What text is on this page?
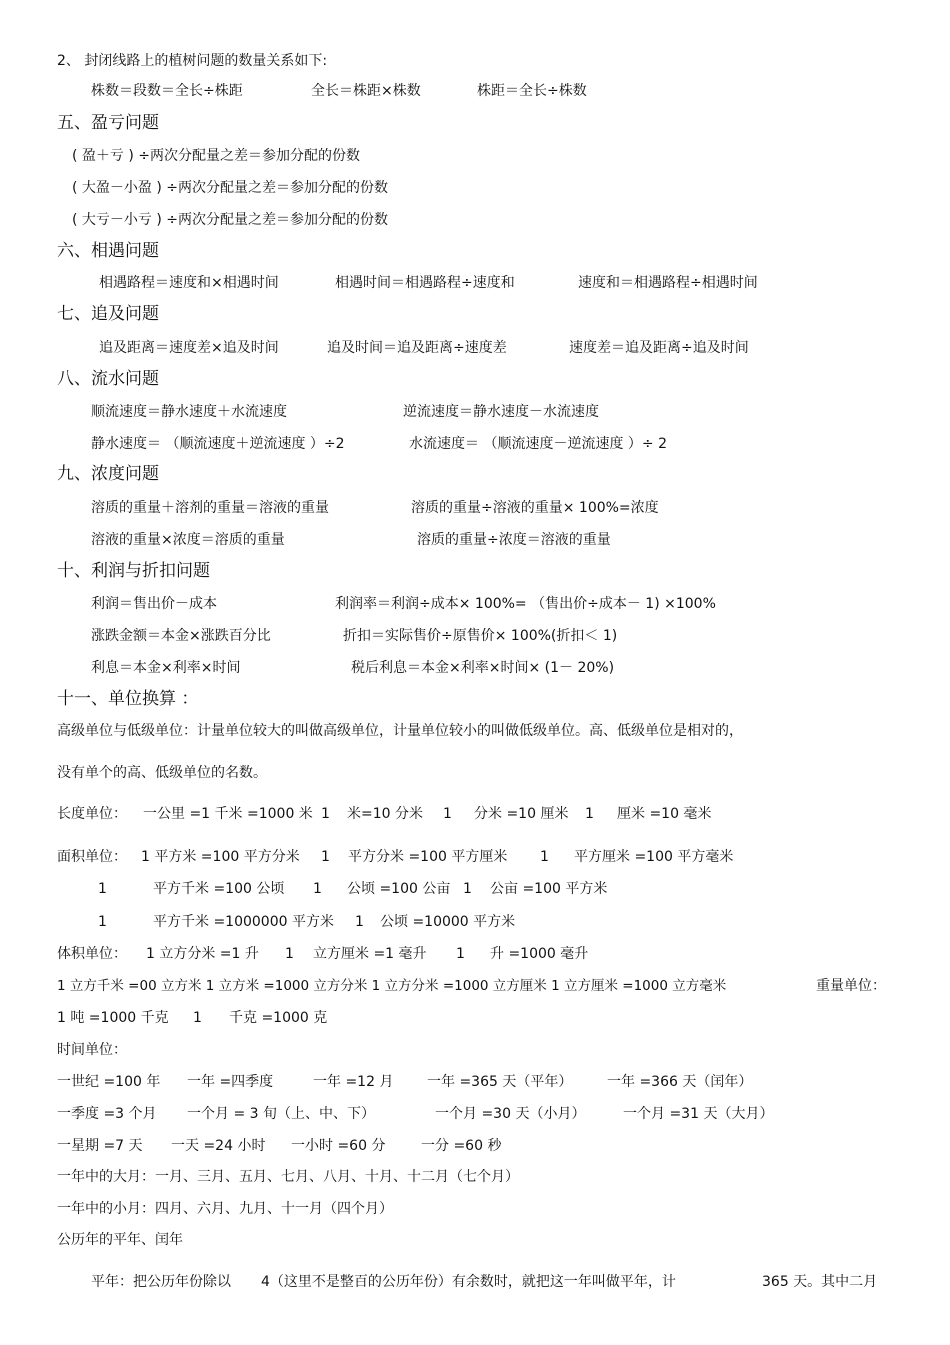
2、 封闭线路上的植树问题的数量关系如下:
株数＝段数＝全长÷株距	全长＝株距×株数	株距＝全长÷株数
五、盈亏问题
( 盈＋亏 ) ÷两次分配量之差＝参加分配的份数
( 大盈－小盈 ) ÷两次分配量之差＝参加分配的份数
( 大亏－小亏 ) ÷两次分配量之差＝参加分配的份数
六、相遇问题
相遇路程＝速度和×相遇时间	相遇时间＝相遇路程÷速度和	速度和＝相遇路程÷相遇时间
七、追及问题
追及距离＝速度差×追及时间	追及时间＝追及距离÷速度差	速度差＝追及距离÷追及时间
八、流水问题
顺流速度＝静水速度＋水流速度	逆流速度＝静水速度－水流速度
静水速度＝ （顺流速度＋逆流速度 ）÷2	水流速度＝ （顺流速度－逆流速度 ）÷ 2
九、浓度问题
溶质的重量＋溶剂的重量＝溶液的重量	溶质的重量÷溶液的重量× 100%=浓度
溶液的重量×浓度＝溶质的重量	溶质的重量÷浓度＝溶液的重量
十、利润与折扣问题
利润＝售出价－成本	利润率＝利润÷成本× 100%= （售出价÷成本－ 1) ×100%
涨跌金额＝本金×涨跌百分比	折扣＝实际售价÷原售价× 100%(折扣＜ 1)
利息＝本金×利率×时间	税后利息＝本金×利率×时间× (1－ 20%)
十一、单位换算 ：
高级单位与低级单位：计量单位较大的叫做高级单位，计量单位较小的叫做低级单位。高、低级单位是相对的，
没有单个的高、低级单位的名数。
长度单位： 一公里 =1 千米 =1000 米 1 米=10 分米 1 分米 =10 厘米 1 厘米 =10 毫米
面积单位： 1 平方米 =100 平方分米 1 平方分米 =100 平方厘米 1 平方厘米 =100 平方毫米
1	平方千米 =100 公顷 1 公顷 =100 公亩 1 公亩 =100 平方米
1	平方千米 =1000000 平方米 1 公顷 =10000 平方米
体积单位： 1 立方分米 =1 升 1 立方厘米 =1 毫升 1 升 =1000 毫升
1 立方千米 =00 立方米 1 立方米 =1000 立方分米 1 立方分米 =1000 立方厘米 1 立方厘米 =1000 立方毫米	重量单位：
1 吨 =1000 千克 1 千克 =1000 克
时间单位：
一世纪 =100 年 一年 =四季度	一年 =12 月 一年 =365 天（平年） 一年 =366 天（闰年）
一季度 =3 个月 一个月 = 3 旬（上、中、下）	一个月 =30 天（小月）	一个月 =31 天（大月）
一星期 =7 天 一天 =24 小时 一小时 =60 分	一分 =60 秒
一年中的大月：一月、三月、五月、七月、八月、十月、十二月（七个月）
一年中的小月：四月、六月、九月、十一月（四个月）
公历年的平年、闰年
平年：把公历年份除以 4（这里不是整百的公历年份）有余数时，就把这一年叫做平年，计	365 天。其中二月
